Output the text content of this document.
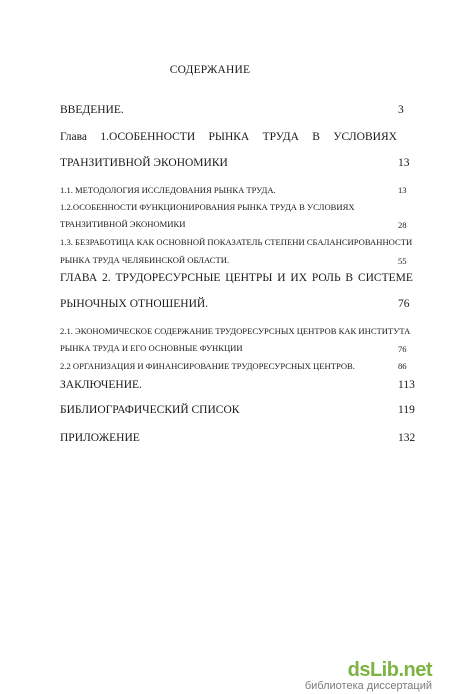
СОДЕРЖАНИЕ
ВВЕДЕНИЕ.	3
Глава 1.ОСОБЕННОСТИ РЫНКА ТРУДА В УСЛОВИЯХ
ТРАНЗИТИВНОЙ ЭКОНОМИКИ	13
1.1. МЕТОДОЛОГИЯ ИССЛЕДОВАНИЯ РЫНКА ТРУДА.	13
1.2.ОСОБЕННОСТИ ФУНКЦИОНИРОВАНИЯ РЫНКА ТРУДА В УСЛОВИЯХ
ТРАНЗИТИВНОЙ ЭКОНОМИКИ	28
1.3. БЕЗРАБОТИЦА КАК ОСНОВНОЙ ПОКАЗАТЕЛЬ СТЕПЕНИ СБАЛАНСИРОВАННОСТИ
РЫНКА ТРУДА ЧЕЛЯБИНСКОЙ ОБЛАСТИ.	55
ГЛАВА 2. ТРУДОРЕСУРСНЫЕ ЦЕНТРЫ И ИХ РОЛЬ В СИСТЕМЕ
РЫНОЧНЫХ ОТНОШЕНИЙ.	76
2.1. ЭКОНОМИЧЕСКОЕ СОДЕРЖАНИЕ ТРУДОРЕСУРСНЫХ ЦЕНТРОВ КАК ИНСТИТУТА
РЫНКА ТРУДА И ЕГО ОСНОВНЫЕ ФУНКЦИИ	76
2.2 ОРГАНИЗАЦИЯ И ФИНАНСИРОВАНИЕ ТРУДОРЕСУРСНЫХ ЦЕНТРОВ.	86
ЗАКЛЮЧЕНИЕ.	113
БИБЛИОГРАФИЧЕСКИЙ СПИСОК	119
ПРИЛОЖЕНИЕ	132
dsLib.net
библиотека диссертаций
